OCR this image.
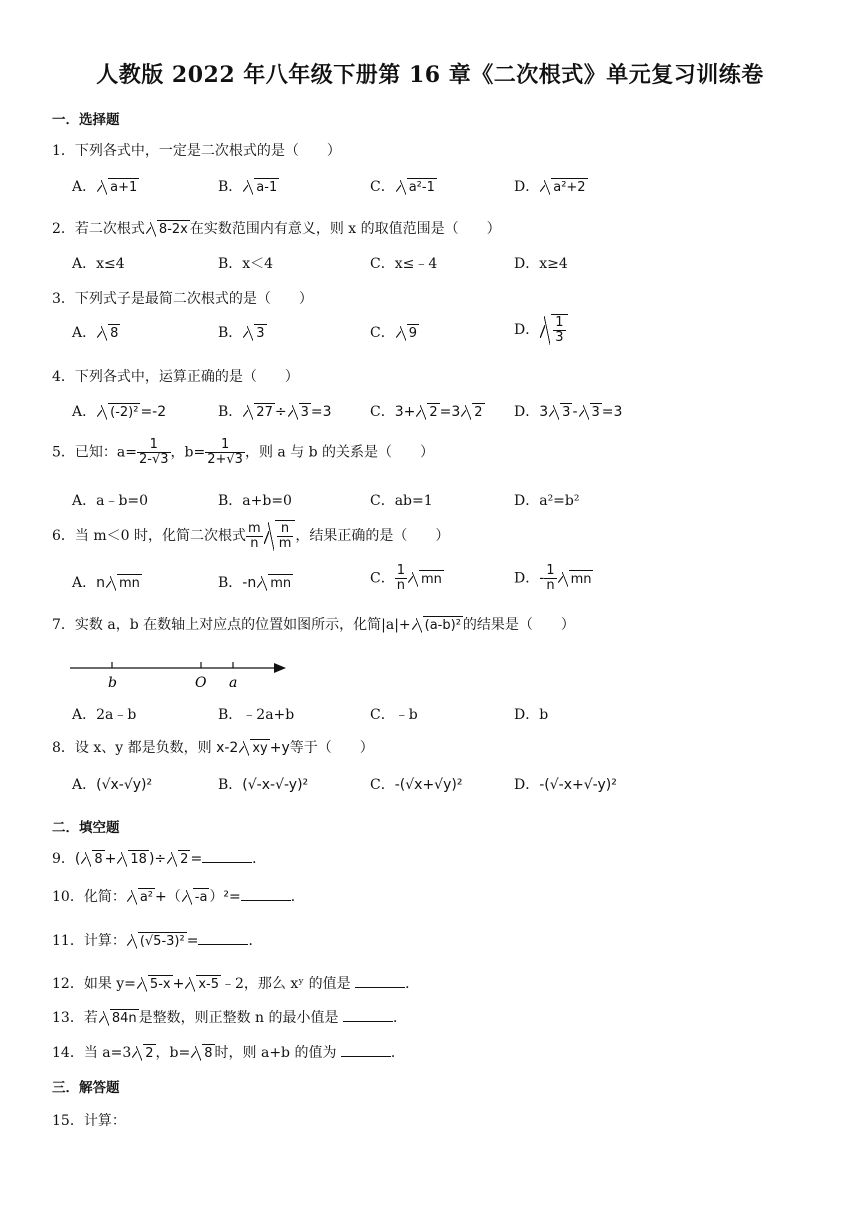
人教版 2022 年八年级下册第 16 章《二次根式》单元复习训练卷
一．选择题
1．下列各式中，一定是二次根式的是（　　）
A． a+1	B． a-1	C． a²-1	D． a²+2
2．若二次根式 8-2x 在实数范围内有意义，则 x 的取值范围是（　　）
A．x≤4	B．x＜4	C．x≤﹣4	D．x≥4
3．下列式子是最简二次根式的是（　　）
A． 8	B． 3	C． 9	D． $\frac{1}{3}$
4．下列各式中，运算正确的是（　　）
A． (-2)² =-2	B． 27 ÷ 3 =3	C．3+ 2 =3 2 D．3 3 - 3 =3
5．已知：$a= \frac{1}{2-√3}$ ，$b= \frac{1}{2+√3}$ ，则 a 与 b 的关系是（　　）
A．a﹣b=0	B．a+b=0	C．ab=1	D．a²=b²
6．当 m＜0 时，化简二次根式 $\frac{m}{n} \frac{n}{m}$ ，结果正确的是（　　）
A．n mn	B．-n mn	C． $\frac{1}{n}$ mn	D．- $\frac{1}{n}$ mn
7．实数 a，b 在数轴上对应点的位置如图所示，化简|a|+ (a-b)² 的结果是（　　）
b	O a
A．2a﹣b	B．﹣2a+b	C．﹣b	D．b
8．设 x、y 都是负数，则 x-2 xy +y等于（　　）
A．(√x-√y)²	B．(√-x-√-y)²	C．-(√x+√y)²	D．-(√-x+√-y)²
二．填空题
9．( 8 + 18 )÷ 2 =	．
10．化简： a² +（ -a ）²=	．
11．计算： (√5-3)² =	．
12．如果 y= 5-x + x-5 ﹣2，那么 xʸ 的值是	．
13．若 84n 是整数，则正整数 n 的最小值是	．
14．当 a=3 2 ，b= 8 时，则 a+b 的值为	．
三．解答题
15．计算：
